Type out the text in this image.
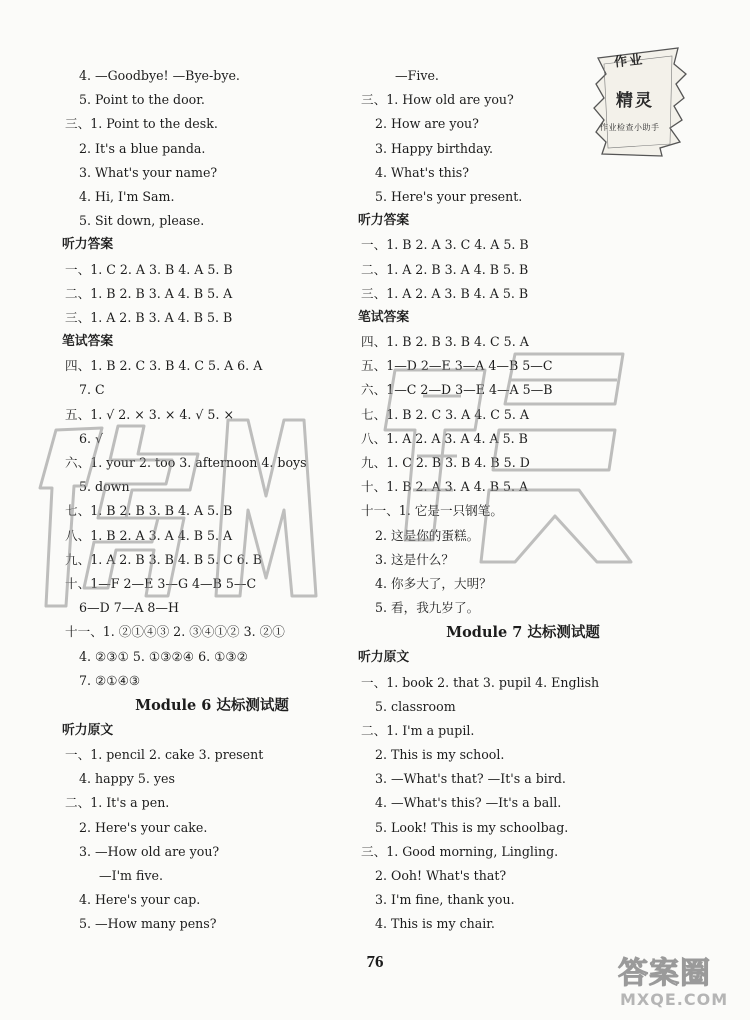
4. —Goodbye! —Bye-bye.
5. Point to the door.
三、1. Point to the desk.
2. It's a blue panda.
3. What's your name?
4. Hi, I'm Sam.
5. Sit down, please.
听力答案
一、1. C 2. A 3. B 4. A 5. B
二、1. B 2. B 3. A 4. B 5. A
三、1. A 2. B 3. A 4. B 5. B
笔试答案
四、1. B 2. C 3. B 4. C 5. A 6. A
7. C
五、1. √ 2. × 3. × 4. √ 5. ×
6. √
六、1. your 2. too 3. afternoon 4. boys
5. down
七、1. B 2. B 3. B 4. A 5. B
八、1. B 2. A 3. A 4. B 5. A
九、1. A 2. B 3. B 4. B 5. C 6. B
十、1—F 2—E 3—G 4—B 5—C
6—D 7—A 8—H
十一、1. ②①④③ 2. ③④①② 3. ②①
4. ②③① 5. ①③②④ 6. ①③②
7. ②①④③
Module 6 达标测试题
听力原文
一、1. pencil 2. cake 3. present
4. happy 5. yes
二、1. It's a pen.
2. Here's your cake.
3. —How old are you?
—I'm five.
4. Here's your cap.
5. —How many pens?
—Five.
三、1. How old are you?
2. How are you?
3. Happy birthday.
4. What's this?
5. Here's your present.
听力答案
一、1. B 2. A 3. C 4. A 5. B
二、1. A 2. B 3. A 4. B 5. B
三、1. A 2. A 3. B 4. A 5. B
笔试答案
四、1. B 2. B 3. B 4. C 5. A
五、1—D 2—E 3—A 4—B 5—C
六、1—C 2—D 3—E 4—A 5—B
七、1. B 2. C 3. A 4. C 5. A
八、1. A 2. A 3. A 4. A 5. B
九、1. C 2. B 3. B 4. B 5. D
十、1. B 2. A 3. A 4. B 5. A
十一、1. 它是一只钢笔。
2. 这是你的蛋糕。
3. 这是什么？
4. 你多大了，大明？
5. 看，我九岁了。
Module 7 达标测试题
听力原文
一、1. book 2. that 3. pupil 4. English
5. classroom
二、1. I'm a pupil.
2. This is my school.
3. —What's that? —It's a bird.
4. —What's this? —It's a ball.
5. Look! This is my schoolbag.
三、1. Good morning, Lingling.
2. Ooh! What's that?
3. I'm fine, thank you.
4. This is my chair.
76
作业
精灵
作业检查小助手
答案圈
MXQE.COM
